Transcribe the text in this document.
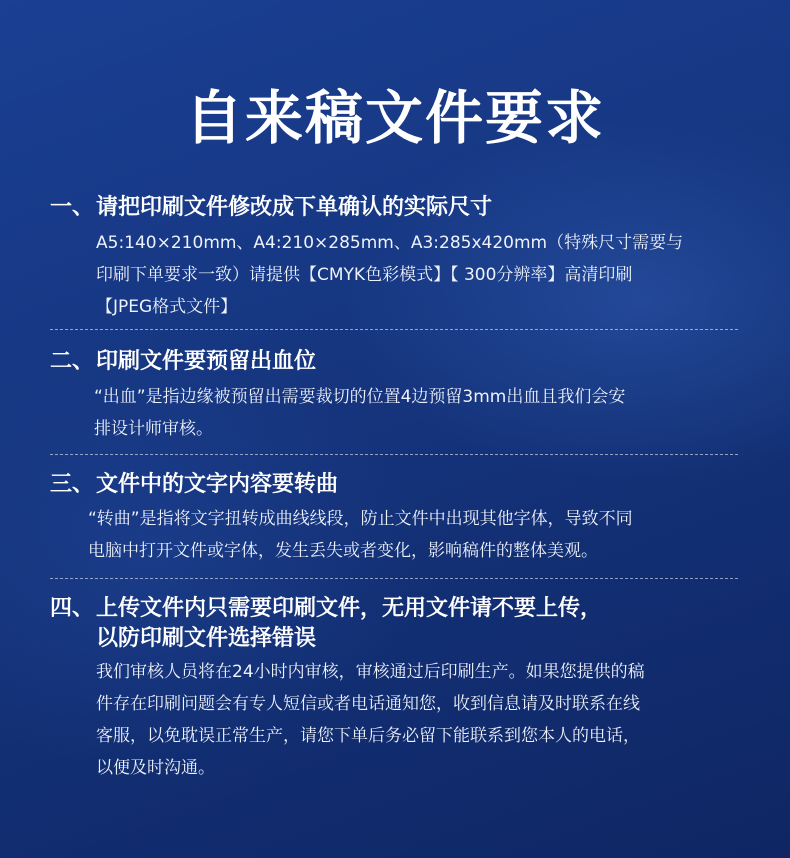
自来稿文件要求
一、 请把印刷文件修改成下单确认的实际尺寸
A5:140×210mm、A4:210×285mm、A3:285x420mm（特殊尺寸需要与
印刷下单要求一致）请提供【CMYK色彩模式】【 300分辨率】高清印刷
【JPEG格式文件】
二、 印刷文件要预留出血位
“出血”是指边缘被预留出需要裁切的位置4边预留3mm出血且我们会安
排设计师审核。
三、 文件中的文字内容要转曲
“转曲”是指将文字扭转成曲线线段，防止文件中出现其他字体，导致不同
电脑中打开文件或字体，发生丢失或者变化，影响稿件的整体美观。
四、 上传文件内只需要印刷文件，无用文件请不要上传，
以防印刷文件选择错误
我们审核人员将在24小时内审核，审核通过后印刷生产。如果您提供的稿
件存在印刷问题会有专人短信或者电话通知您，收到信息请及时联系在线
客服，以免耽误正常生产，请您下单后务必留下能联系到您本人的电话，
以便及时沟通。
